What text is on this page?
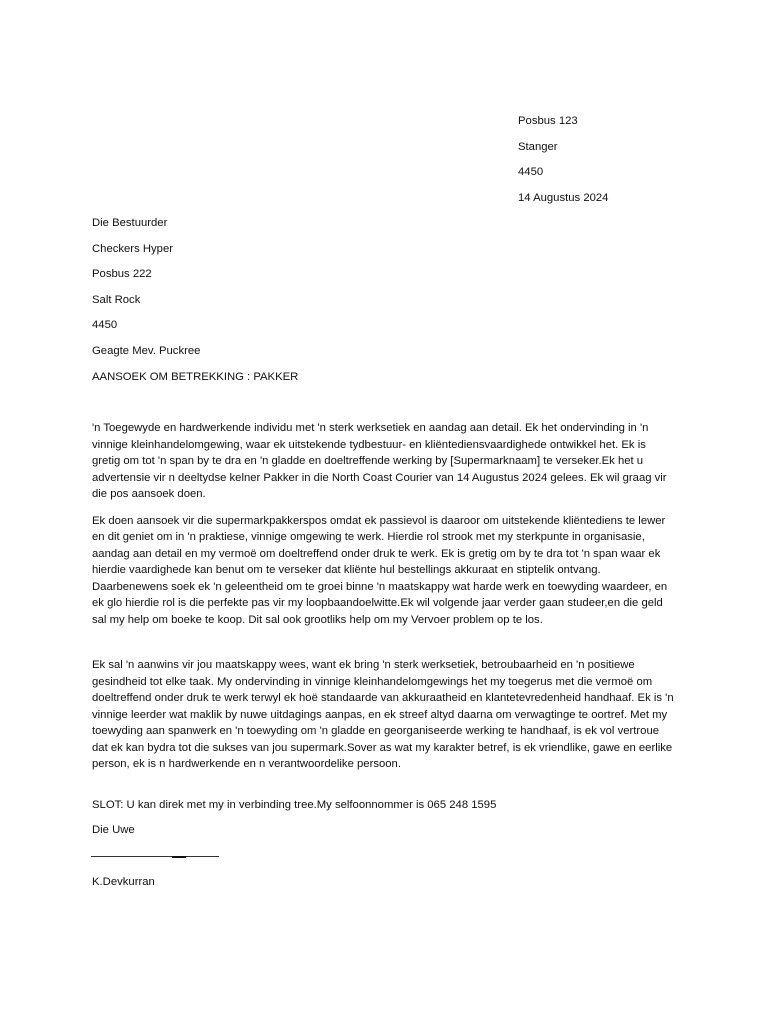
Posbus 123
Stanger
4450
14 Augustus 2024
Die Bestuurder
Checkers Hyper
Posbus 222
Salt Rock
4450
Geagte Mev. Puckree
AANSOEK OM BETREKKING : PAKKER

'n Toegewyde en hardwerkende individu met 'n sterk werksetiek en aandag aan detail. Ek het ondervinding in 'n vinnige kleinhandelomgewing, waar ek uitstekende tydbestuur- en kliëntediensvaardighede ontwikkel het. Ek is gretig om tot 'n span by te dra en 'n gladde en doeltreffende werking by [Supermarknaam] te verseker.Ek het u advertensie vir n deeltydse kelner Pakker in die North Coast Courier van 14 Augustus 2024 gelees. Ek wil graag vir die pos aansoek doen.

Ek doen aansoek vir die supermarkpakkerspos omdat ek passievol is daaroor om uitstekende kliëntediens te lewer en dit geniet om in 'n praktiese, vinnige omgewing te werk. Hierdie rol strook met my sterkpunte in organisasie, aandag aan detail en my vermoë om doeltreffend onder druk te werk. Ek is gretig om by te dra tot 'n span waar ek hierdie vaardighede kan benut om te verseker dat kliënte hul bestellings akkuraat en stiptelik ontvang. Daarbenewens soek ek 'n geleentheid om te groei binne 'n maatskappy wat harde werk en toewyding waardeer, en ek glo hierdie rol is die perfekte pas vir my loopbaandoelwitte.Ek wil volgende jaar verder gaan studeer,en die geld sal my help om boeke te koop. Dit sal ook grootliks help om my Vervoer problem op te los.

Ek sal 'n aanwins vir jou maatskappy wees, want ek bring 'n sterk werksetiek, betroubaarheid en 'n positiewe gesindheid tot elke taak. My ondervinding in vinnige kleinhandelomgewings het my toegerus met die vermoë om doeltreffend onder druk te werk terwyl ek hoë standaarde van akkuraatheid en klantetevredenheid handhaaf. Ek is 'n vinnige leerder wat maklik by nuwe uitdagings aanpas, en ek streef altyd daarna om verwagtinge te oortref. Met my toewyding aan spanwerk en 'n toewyding om 'n gladde en georganiseerde werking te handhaaf, is ek vol vertroue dat ek kan bydra tot die sukses van jou supermark.Sover as wat my karakter betref, is ek vriendlike, gawe en eerlike person, ek is n hardwerkende en n verantwoordelike persoon.

SLOT: U kan direk met my in verbinding tree.My selfoonnommer is 065 248 1595
Die Uwe
K.Devkurran
